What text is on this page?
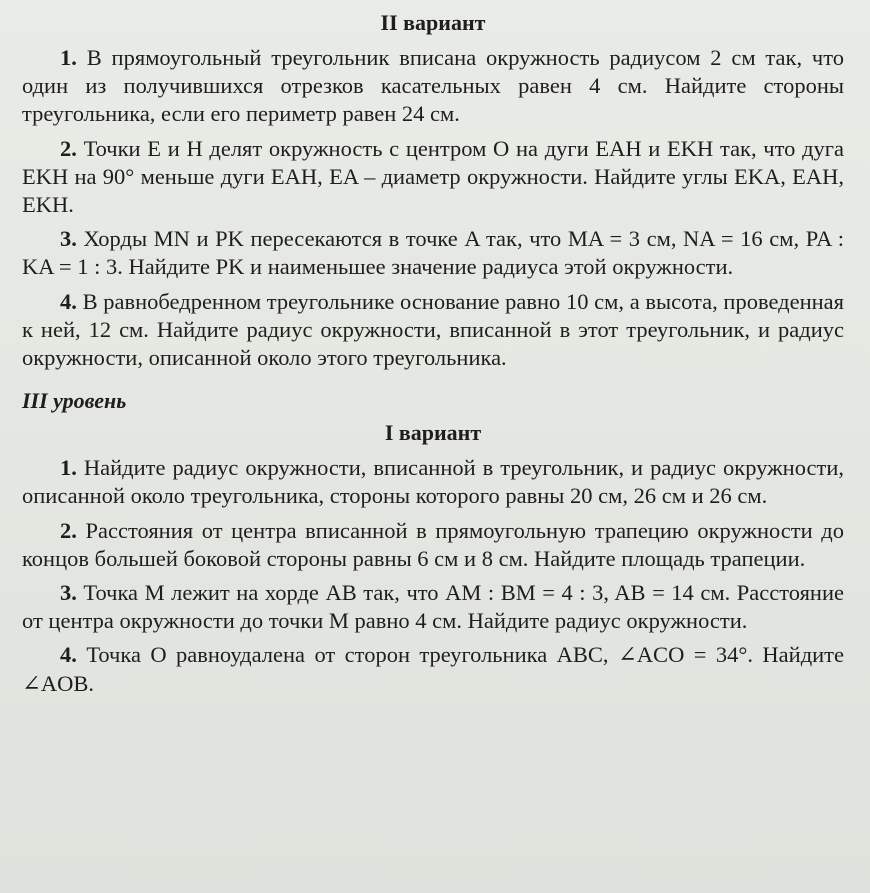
II вариант

1. В прямоугольный треугольник вписана окружность радиусом 2 см так, что один из получившихся отрезков касательных равен 4 см. Найдите стороны треугольника, если его периметр равен 24 см.

2. Точки E и H делят окружность с центром O на дуги EAH и EKH так, что дуга EKH на 90° меньше дуги EAH, EA – диаметр окружности. Найдите углы EKA, EAH, EKH.

3. Хорды MN и PK пересекаются в точке A так, что MA = 3 см, NA = 16 см, PA : KA = 1 : 3. Найдите PK и наименьшее значение радиуса этой окружности.

4. В равнобедренном треугольнике основание равно 10 см, а высота, проведенная к ней, 12 см. Найдите радиус окружности, вписанной в этот треугольник, и радиус окружности, описанной около этого треугольника.

III уровень
I вариант

1. Найдите радиус окружности, вписанной в треугольник, и радиус окружности, описанной около треугольника, стороны которого равны 20 см, 26 см и 26 см.

2. Расстояния от центра вписанной в прямоугольную трапецию окружности до концов большей боковой стороны равны 6 см и 8 см. Найдите площадь трапеции.

3. Точка M лежит на хорде AB так, что AM : BM = 4 : 3, AB = 14 см. Расстояние от центра окружности до точки M равно 4 см. Найдите радиус окружности.

4. Точка O равноудалена от сторон треугольника ABC, ∠ACO = 34°. Найдите ∠AOB.
